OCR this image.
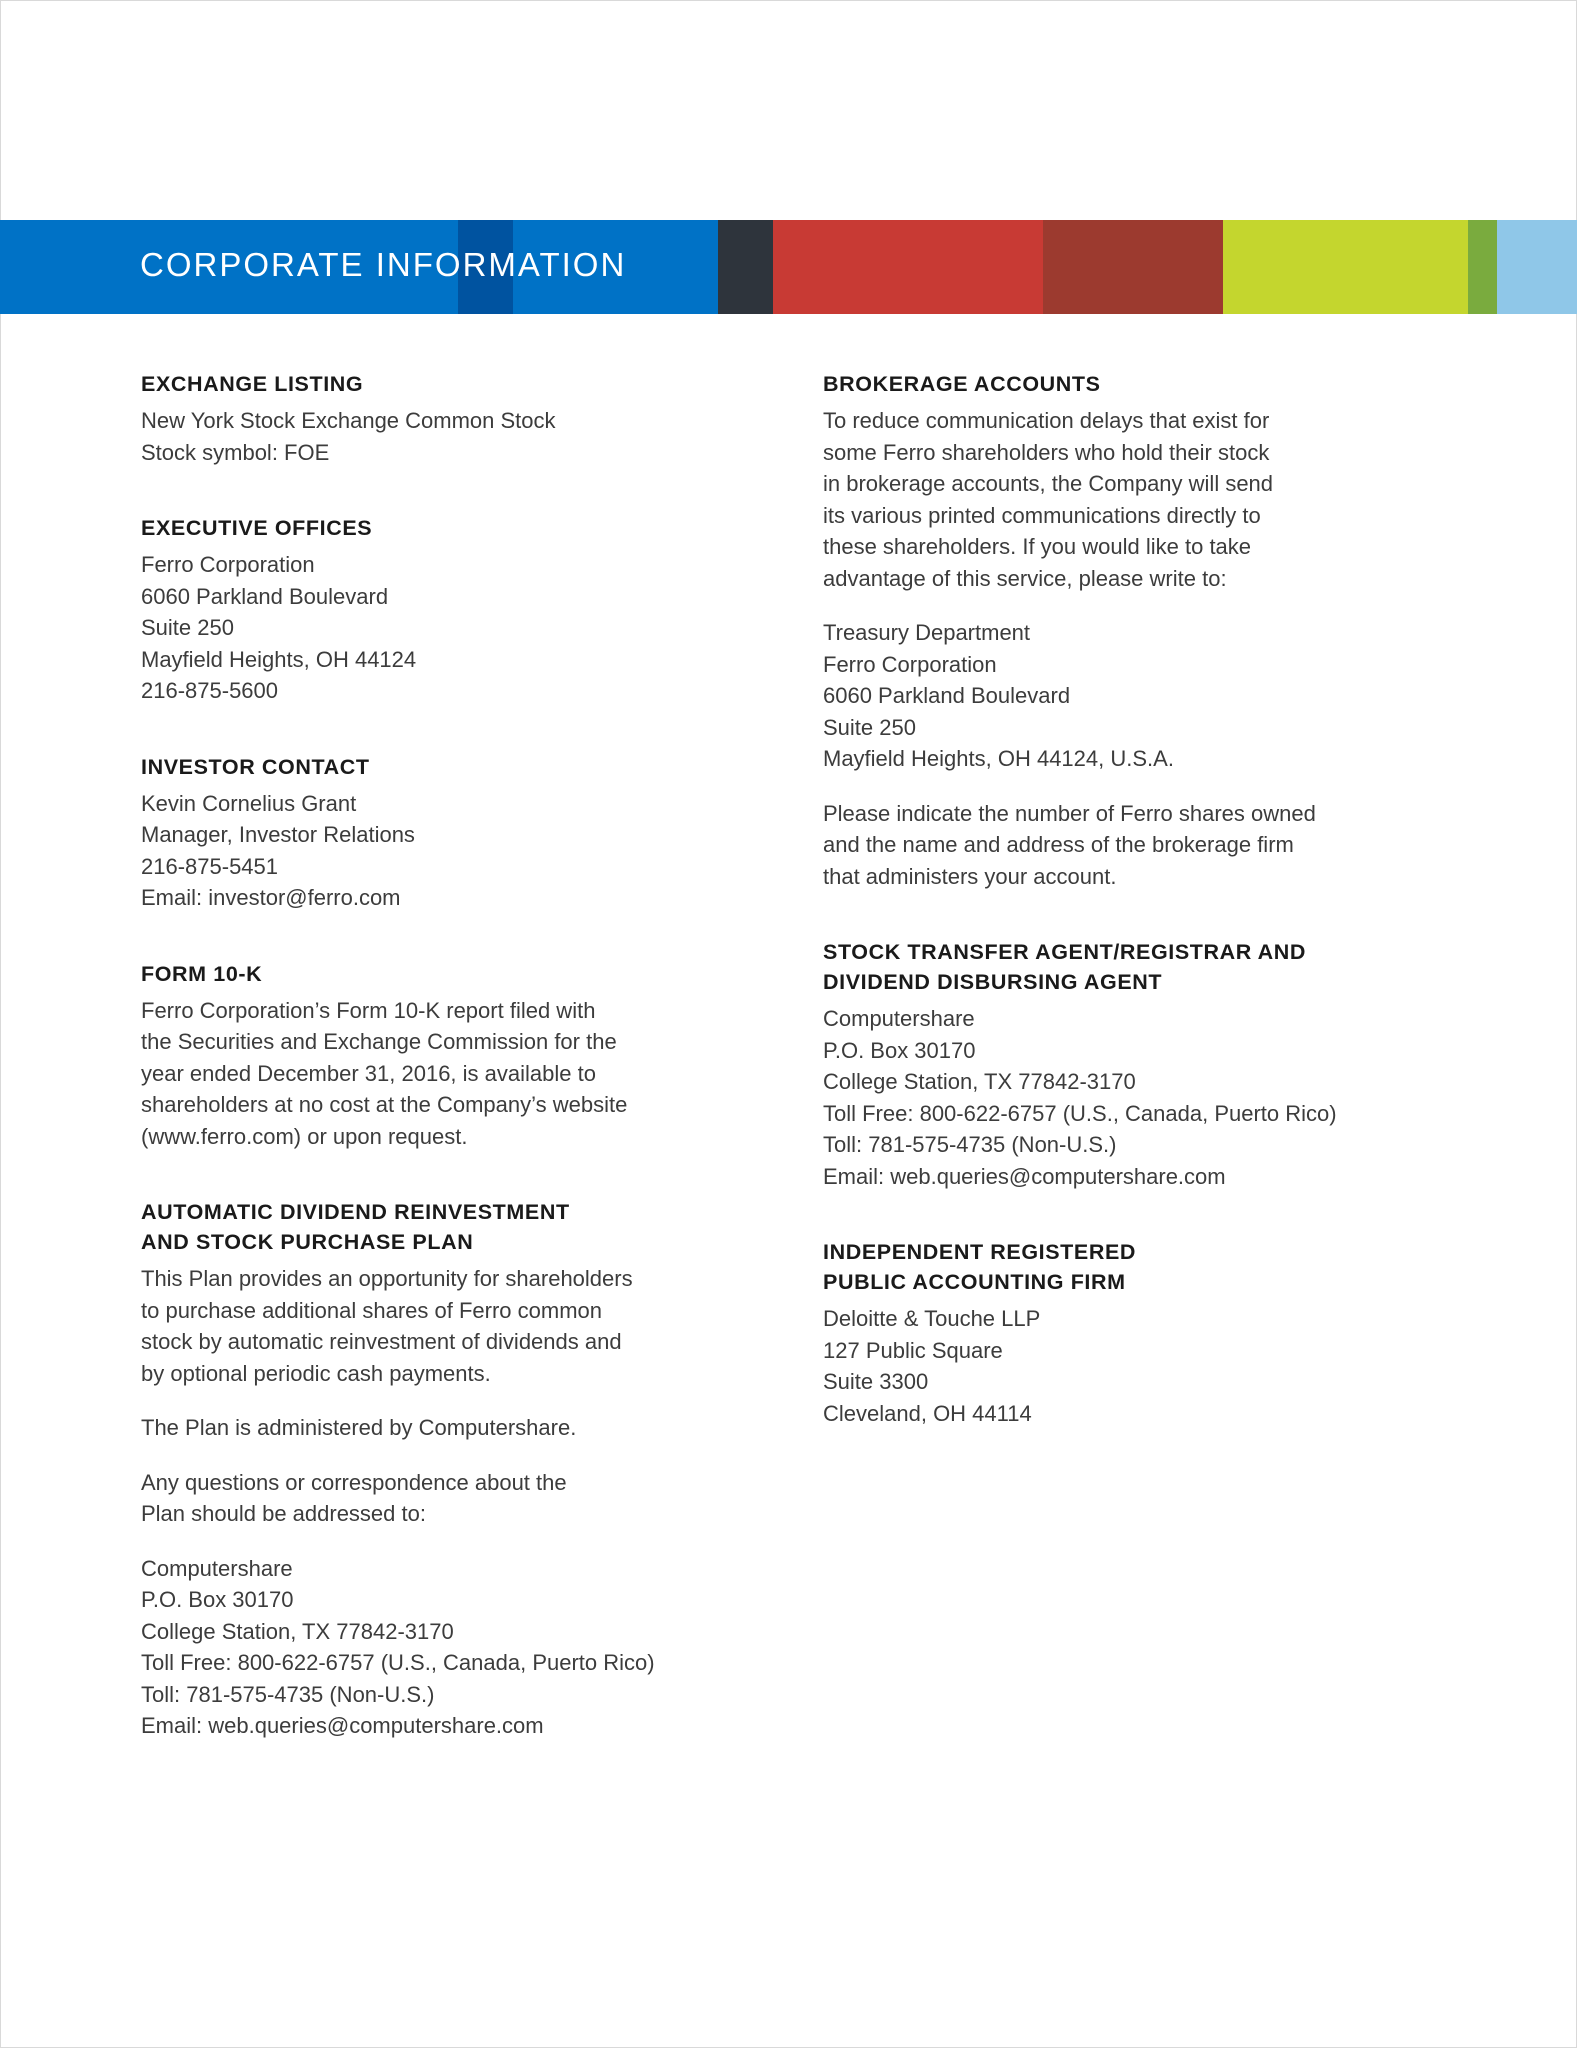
CORPORATE INFORMATION
EXCHANGE LISTING
New York Stock Exchange Common Stock
Stock symbol: FOE
EXECUTIVE OFFICES
Ferro Corporation
6060 Parkland Boulevard
Suite 250
Mayfield Heights, OH 44124
216-875-5600
INVESTOR CONTACT
Kevin Cornelius Grant
Manager, Investor Relations
216-875-5451
Email: investor@ferro.com
FORM 10-K
Ferro Corporation’s Form 10-K report filed with
the Securities and Exchange Commission for the
year ended December 31, 2016, is available to
shareholders at no cost at the Company’s website
(www.ferro.com) or upon request.
AUTOMATIC DIVIDEND REINVESTMENT
AND STOCK PURCHASE PLAN
This Plan provides an opportunity for shareholders
to purchase additional shares of Ferro common
stock by automatic reinvestment of dividends and
by optional periodic cash payments.
The Plan is administered by Computershare.
Any questions or correspondence about the
Plan should be addressed to:
Computershare
P.O. Box 30170
College Station, TX 77842-3170
Toll Free: 800-622-6757 (U.S., Canada, Puerto Rico)
Toll: 781-575-4735 (Non-U.S.)
Email: web.queries@computershare.com
BROKERAGE ACCOUNTS
To reduce communication delays that exist for
some Ferro shareholders who hold their stock
in brokerage accounts, the Company will send
its various printed communications directly to
these shareholders. If you would like to take
advantage of this service, please write to:
Treasury Department
Ferro Corporation
6060 Parkland Boulevard
Suite 250
Mayfield Heights, OH 44124, U.S.A.
Please indicate the number of Ferro shares owned
and the name and address of the brokerage firm
that administers your account.
STOCK TRANSFER AGENT/REGISTRAR AND
DIVIDEND DISBURSING AGENT
Computershare
P.O. Box 30170
College Station, TX 77842-3170
Toll Free: 800-622-6757 (U.S., Canada, Puerto Rico)
Toll: 781-575-4735 (Non-U.S.)
Email: web.queries@computershare.com
INDEPENDENT REGISTERED
PUBLIC ACCOUNTING FIRM
Deloitte & Touche LLP
127 Public Square
Suite 3300
Cleveland, OH 44114
